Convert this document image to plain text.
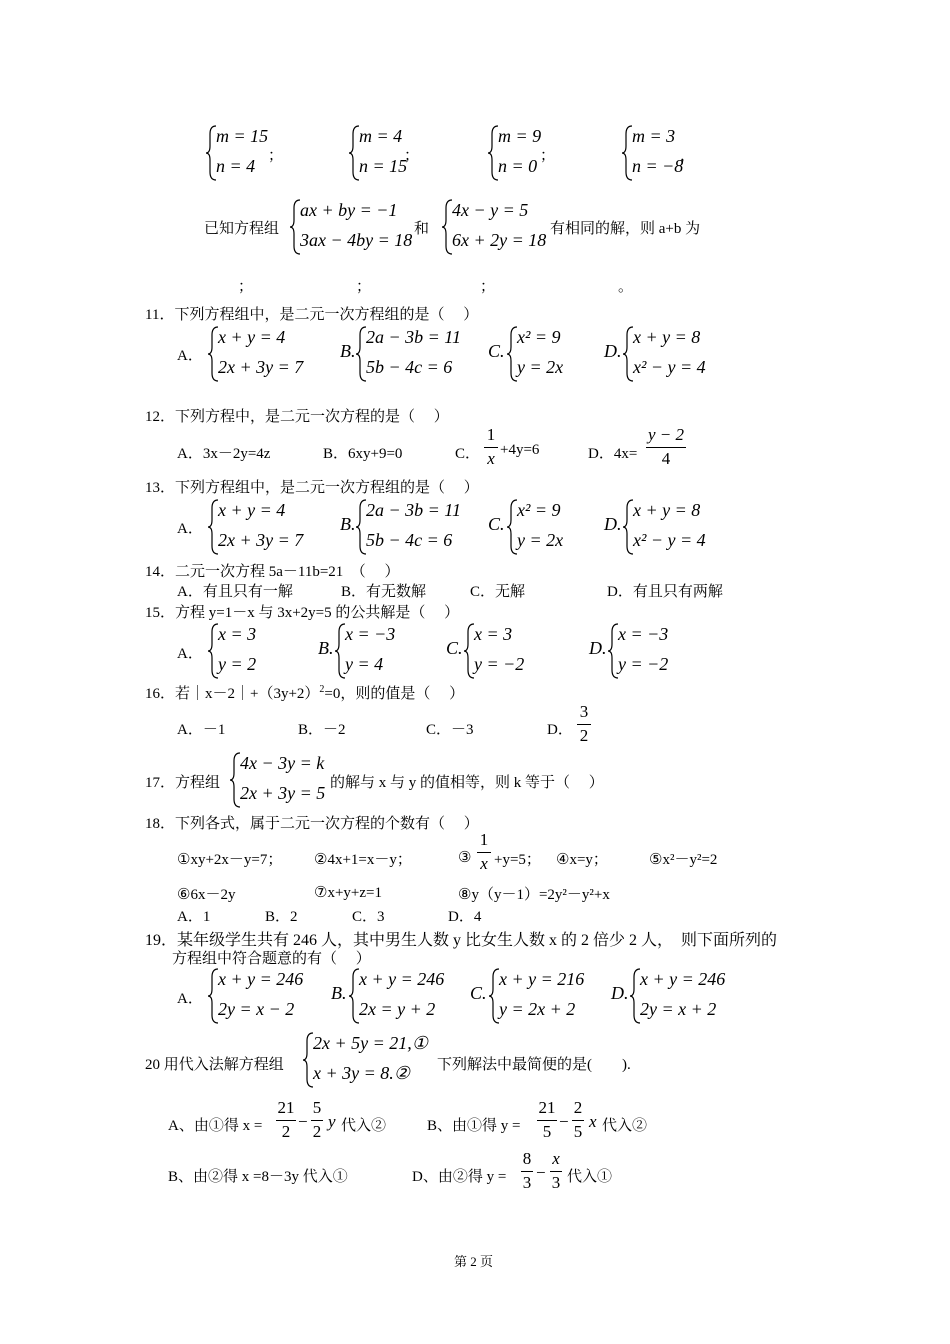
m = 15
n = 4 ；
m = 4
n = 15
；
m = 9
n = 0 ；
m = 3
n = −8
，
已知方程组
ax + by = −1
3ax − 4by = 18
和
4x − y = 5
6x + 2y = 18
有相同的解，则 a+b 为
；	；	；	。
11．下列方程组中，是二元一次方程组的是（　 ）
A．
x + y = 4
2x + 3y = 7
B.
2a − 3b = 11
5b − 4c = 6
C.
x² = 9
y = 2x
D.
x + y = 8
x² − y = 4
12．下列方程中，是二元一次方程的是（　 ）
A．3x－2y=4z	B．6xy+9=0	C．
1
x +4y=6	D．4x=
y − 2
4
13．下列方程组中，是二元一次方程组的是（　 ）
A．
x + y = 4
2x + 3y = 7
B.
2a − 3b = 11
5b − 4c = 6
C.
x² = 9
y = 2x
D.
x + y = 8
x² − y = 4
14．二元一次方程 5a－11b=21　（　 ）
A．有且只有一解	B．有无数解	C．无解	D．有且只有两解
15．方程 y=1－x 与 3x+2y=5 的公共解是（　 ）
A．
x = 3
y = 2
B.
x = −3
y = 4
C.
x = 3
y = −2
D.
x = −3
y = −2
16．若$|x-2|+(3y+2)^2=0$，则的值是（　 ）
A．－1	B．－2	C．－3	D．
3
2
17．方程组
4x − 3y = k
2x + 3y = 5 的解与 x 与 y 的值相等，则 k 等于（　 ）
18．下列各式，属于二元一次方程的个数有（　 ）
①xy+2x－y=7； ②4x+1=x－y；	③
1
x +y=5； ④x=y；	⑤x²－y²=2
⑥6x－2y	⑦x+y+z=1	⑧y（y－1）=2y²－y²+x
A．1	B．2	C．3	D．4
19．某年级学生共有 246 人，其中男生人数 y 比女生人数 x 的 2 倍少 2 人，　则下面所列的
方程组中符合题意的有（　 ）
A．
x + y = 246
2y = x − 2
B.
x + y = 246
2x = y + 2
C.
x + y = 216
y = 2x + 2
D.
x + y = 246
2y = x + 2
20 用代入法解方程组
2x + 5y = 21,①
x + 3y = 8.② 下列解法中最简便的是(　　).
A、由①得 x =
21
2
−
5
2
y 代入②	B、由①得 y =
21
5
−
2
5
x 代入②
B、由②得 x =8－3y 代入①	D、由②得 y =
8
3
−
x
3 代入①
第 2 页
